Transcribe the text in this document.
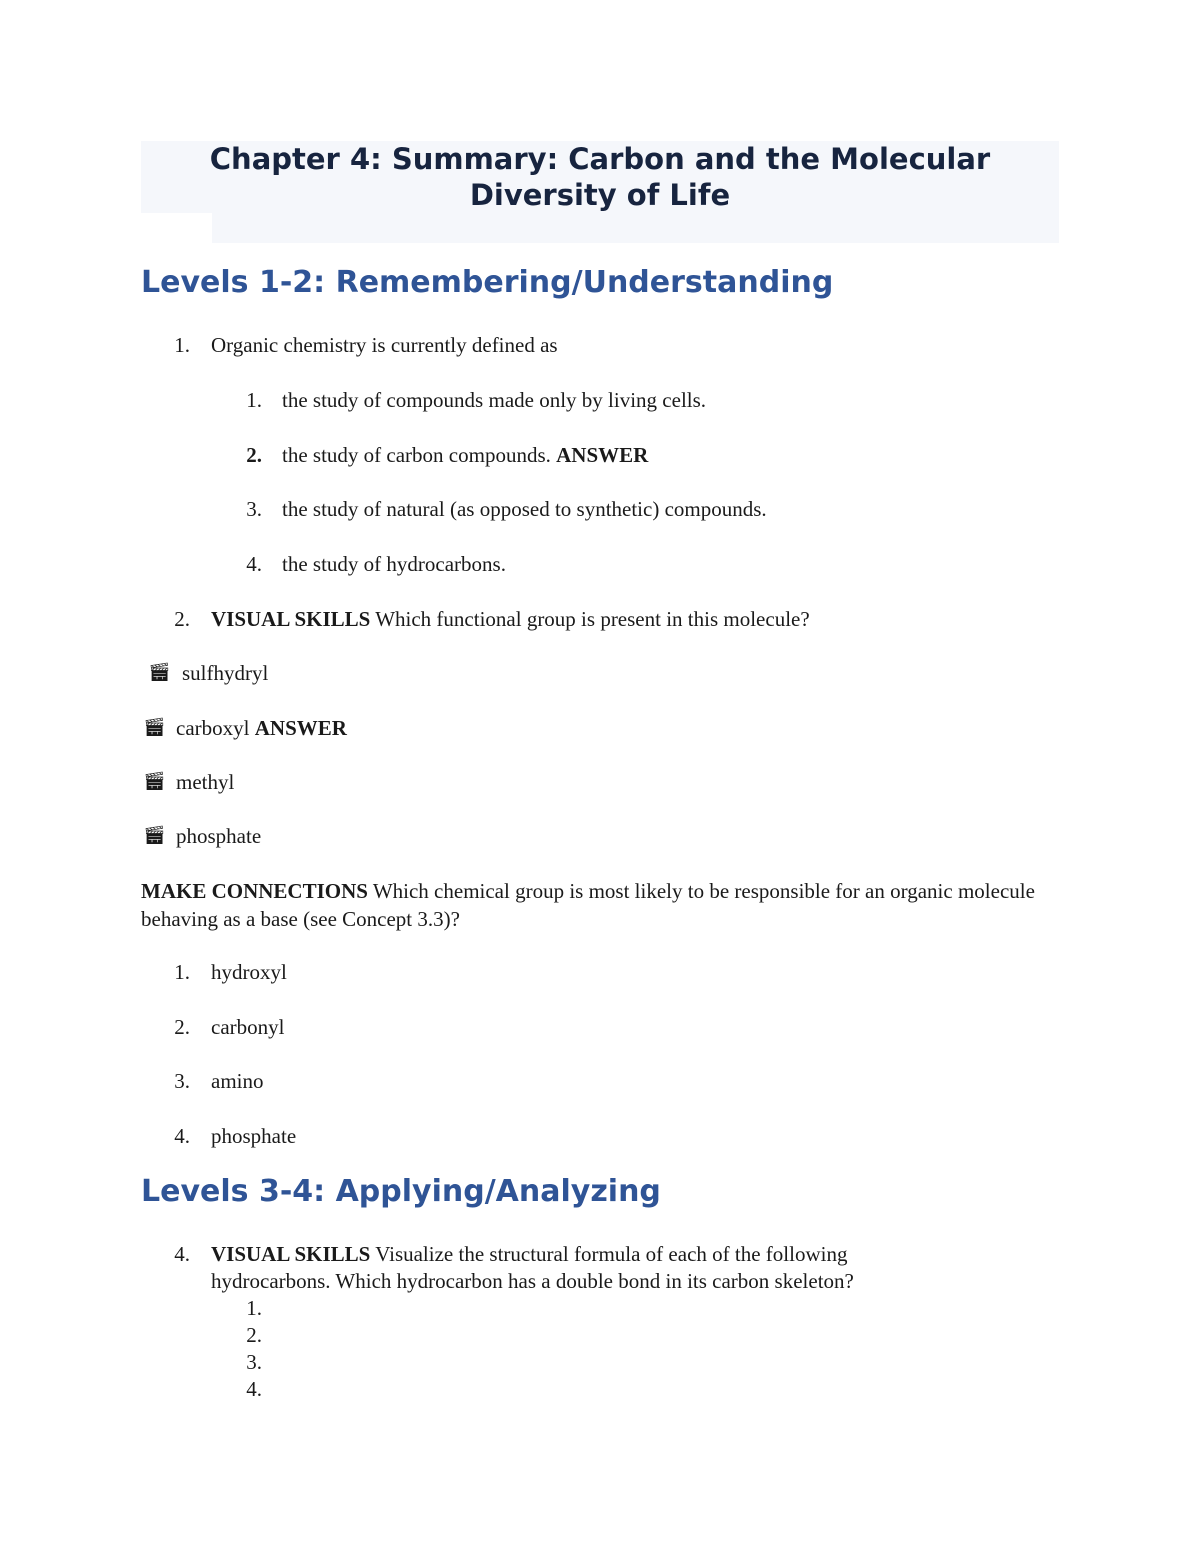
Chapter 4: Summary: Carbon and the Molecular Diversity of Life
Levels 1-2: Remembering/Understanding
1. Organic chemistry is currently defined as
1. the study of compounds made only by living cells.
2. the study of carbon compounds. ANSWER
3. the study of natural (as opposed to synthetic) compounds.
4. the study of hydrocarbons.
2. VISUAL SKILLS Which functional group is present in this molecule?
🎬︎ sulfhydryl
🎬︎ carboxyl ANSWER
🎬︎ methyl
🎬︎ phosphate

MAKE CONNECTIONS Which chemical group is most likely to be responsible for an organic molecule behaving as a base (see Concept 3.3)?

1. hydroxyl
2. carbonyl
3. amino
4. phosphate
Levels 3-4: Applying/Analyzing
4. VISUAL SKILLS Visualize the structural formula of each of the following
hydrocarbons. Which hydrocarbon has a double bond in its carbon skeleton?
1.
2.
3.
4.
